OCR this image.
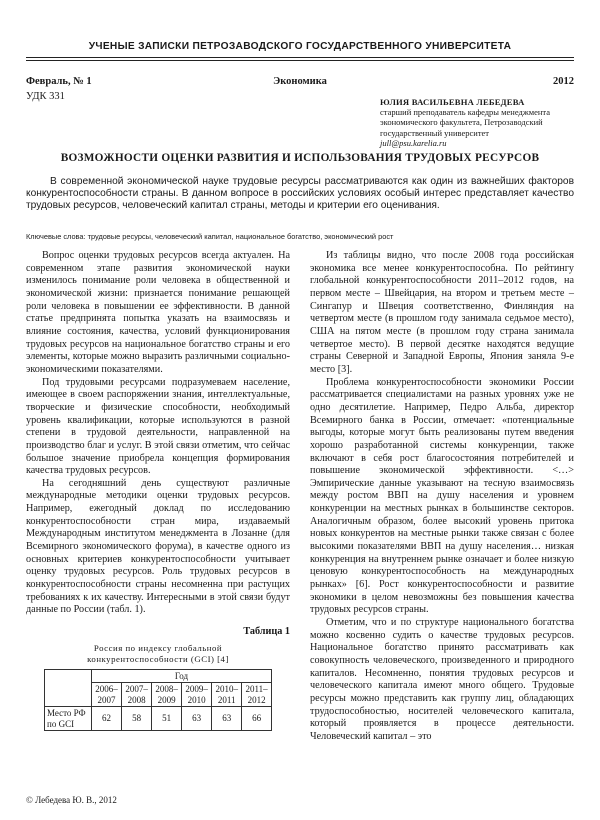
УЧЕНЫЕ ЗАПИСКИ ПЕТРОЗАВОДСКОГО ГОСУДАРСТВЕННОГО УНИВЕРСИТЕТА
Февраль, № 1	Экономика	2012
УДК 331	ЮЛИЯ ВАСИЛЬЕВНА ЛЕБЕДЕВА
старший преподаватель кафедры менеджмента экономического факультета, Петрозаводский государственный университет
jull@psu.karelia.ru
ВОЗМОЖНОСТИ ОЦЕНКИ РАЗВИТИЯ И ИСПОЛЬЗОВАНИЯ ТРУДОВЫХ РЕСУРСОВ
В современной экономической науке трудовые ресурсы рассматриваются как один из важнейших факторов конкурентоспособности страны. В данном вопросе в российских условиях особый интерес представляет качество трудовых ресурсов, человеческий капитал страны, методы и критерии его оценивания.
Ключевые слова: трудовые ресурсы, человеческий капитал, национальное богатство, экономический рост

Вопрос оценки трудовых ресурсов всегда актуален. На современном этапе развития экономической науки изменилось понимание роли человека в общественной и экономической жизни: признается понимание решающей роли человека в повышении ее эффективности. В данной статье предпринята попытка указать на взаимосвязь и влияние состояния, качества, условий функционирования трудовых ресурсов на национальное богатство страны и его элементы, которые можно выразить различными социально-экономическими показателями.

Под трудовыми ресурсами подразумеваем население, имеющее в своем распоряжении знания, интеллектуальные, творческие и физические способности, необходимый уровень квалификации, которые используются в разной степени в трудовой деятельности, направленной на производство благ и услуг. В этой связи отметим, что сейчас большое значение приобрела концепция формирования качества трудовых ресурсов.

На сегодняшний день существуют различные международные методики оценки трудовых ресурсов. Например, ежегодный доклад по исследованию конкурентоспособности стран мира, издаваемый Международным институтом менеджмента в Лозанне (для Всемирного экономического форума), в качестве одного из основных критериев конкурентоспособности учитывает оценку трудовых ресурсов. Роль трудовых ресурсов в конкурентоспособности страны несомненна при растущих требованиях к их качеству. Интересными в этой связи будут данные по России (табл. 1).

Таблица 1
Россия по индексу глобальной
конкурентоспособности (GCI) [4]
	Год					
	2006–2007	2007–2008	2008–2009	2009–2010	2010–2011	2011–2012
Место РФ по GCI	62	58	51	63	63	66

Из таблицы видно, что после 2008 года российская экономика все менее конкурентоспособна. По рейтингу глобальной конкурентоспособности 2011–2012 годов, на первом месте – Швейцария, на втором и третьем месте – Сингапур и Швеция соответственно, Финляндия на четвертом месте (в прошлом году занимала седьмое место), США на пятом месте (в прошлом году страна занимала четвертое место). В первой десятке находятся ведущие страны Северной и Западной Европы, Япония заняла 9-е место [3].

Проблема конкурентоспособности экономики России рассматривается специалистами на разных уровнях уже не одно десятилетие. Например, Педро Альба, директор Всемирного банка в России, отмечает: «потенциальные выгоды, которые могут быть реализованы путем введения хорошо разработанной системы конкуренции, также включают в себя рост благосостояния потребителей и повышение экономической эффективности. <…> Эмпирические данные указывают на тесную взаимосвязь между ростом ВВП на душу населения и уровнем конкуренции на местных рынках в большинстве секторов. Аналогичным образом, более высокий уровень притока новых конкурентов на местные рынки также связан с более высокими показателями ВВП на душу населения… низкая конкуренция на внутреннем рынке означает и более низкую ценовую конкурентоспособность на международных рынках» [6]. Рост конкурентоспособности и развитие экономики в целом невозможны без повышения качества трудовых ресурсов страны.

Отметим, что и по структуре национального богатства можно косвенно судить о качестве трудовых ресурсов. Национальное богатство принято рассматривать как совокупность человеческого, произведенного и природного капиталов. Несомненно, понятия трудовых ресурсов и человеческого капитала имеют много общего. Трудовые ресурсы можно представить как группу лиц, обладающих трудоспособностью, носителей человеческого капитала, который проявляется в процессе деятельности. Человеческий капитал – это

© Лебедева Ю. В., 2012
